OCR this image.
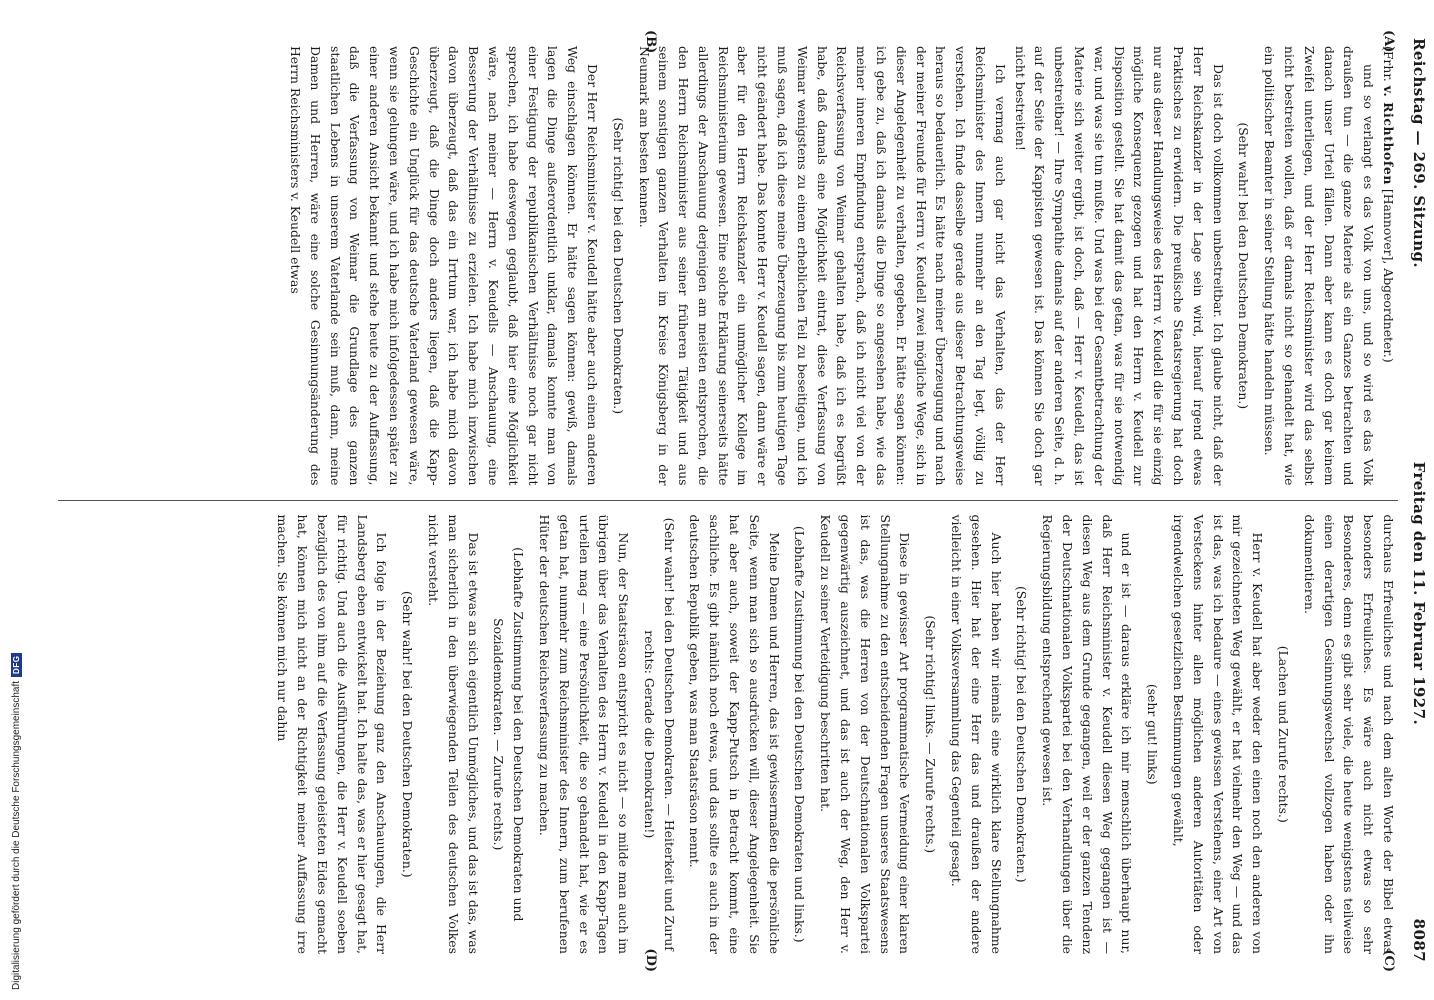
Digitalisierung gefördert durch die Deutsche Forschungsgemeinschaft
DFG
Reichstag — 269. Sitzung.
Freitag den 11. Februar 1927.
8087
(A)
(B)
(C)
(D)

(Frhr. v. Richthofen [Hannover], Abgeordneter.)

und so verlangt es das Volk von uns, und so wird es das Volk draußen tun — die ganze Materie als ein Ganzes betrachten und danach unser Urteil fällen. Dann aber kann es doch gar keinem Zweifel unterliegen, und der Herr Reichsminister wird das selbst nicht bestreiten wollen, daß er damals nicht so gehandelt hat, wie ein politischer Beamter in seiner Stellung hätte handeln müssen.

(Sehr wahr! bei den Deutschen Demokraten.)

Das ist doch vollkommen unbestreitbar. Ich glaube nicht, daß der Herr Reichskanzler in der Lage sein wird, hierauf irgend etwas Praktisches zu erwidern. Die preußische Staatsregierung hat doch nur aus dieser Handlungsweise des Herrn v. Keudell die für sie einzig mögliche Konsequenz gezogen und hat den Herrn v. Keudell zur Disposition gestellt. Sie hat damit das getan, was für sie notwendig war, und was sie tun mußte. Und was bei der Gesamtbetrachtung der Materie sich weiter ergibt, ist doch, daß — Herr v. Keudell, das ist unbestreitbar! — Ihre Sympathie damals auf der anderen Seite, d. h. auf der Seite der Kappisten gewesen ist. Das können Sie doch gar nicht bestreiten!

Ich vermag auch gar nicht das Verhalten, das der Herr Reichsminister des Innern nunmehr an den Tag legt, völlig zu verstehen. Ich finde dasselbe gerade aus dieser Betrachtungsweise heraus so bedauerlich. Es hätte nach meiner Überzeugung und nach der meiner Freunde für Herrn v. Keudell zwei mögliche Wege, sich in dieser Angelegenheit zu verhalten, gegeben. Er hätte sagen können: ich gebe zu, daß ich damals die Dinge so angesehen habe, wie das meiner inneren Empfindung entsprach, daß ich nicht viel von der Reichsverfassung von Weimar gehalten habe, daß ich es begrüßt habe, daß damals eine Möglichkeit eintrat, diese Verfassung von Weimar wenigstens zu einem erheblichen Teil zu beseitigen, und ich muß sagen, daß ich diese meine Überzeugung bis zum heutigen Tage nicht geändert habe. Das konnte Herr v. Keudell sagen, dann wäre er aber für den Herrn Reichskanzler ein unmöglicher Kollege im Reichsministerium gewesen. Eine solche Erklärung seinerseits hätte allerdings der Anschauung derjenigen am meisten entsprochen, die den Herrn Reichsminister aus seiner früheren Tätigkeit und aus seinem sonstigen ganzen Verhalten im Kreise Königsberg in der Neumark am besten kennen.

(Sehr richtig! bei den Deutschen Demokraten.)

Der Herr Reichsminister v. Keudell hätte aber auch einen anderen Weg einschlagen können. Er hätte sagen können: gewiß, damals lagen die Dinge außerordentlich unklar, damals konnte man von einer Festigung der republikanischen Verhältnisse noch gar nicht sprechen, ich habe deswegen geglaubt, daß hier eine Möglichkeit wäre, nach meiner — Herrn v. Keudells — Anschauung, eine Besserung der Verhältnisse zu erzielen. Ich habe mich inzwischen davon überzeugt, daß das ein Irrtum war, ich habe mich davon überzeugt, daß die Dinge doch anders liegen, daß die Kapp-Geschichte ein Unglück für das deutsche Vaterland gewesen wäre, wenn sie gelungen wäre, und ich habe mich infolgedessen später zu einer anderen Ansicht bekannt und stehe heute zu der Auffassung, daß die Verfassung von Weimar die Grundlage des ganzen staatlichen Lebens in unserem Vaterlande sein muß, dann, meine Damen und Herren, wäre eine solche Gesinnungsänderung des Herrn Reichsministers v. Keudell etwas

durchaus Erfreuliches und nach dem alten Worte der Bibel etwas besonders Erfreuliches. Es wäre auch nicht etwas so sehr Besonderes, denn es gibt sehr viele, die heute wenigstens teilweise einen derartigen Gesinnungswechsel vollzogen haben oder ihn dokumentieren.

(Lachen und Zurufe rechts.)

Herr v. Keudell hat aber weder den einen noch den anderen von mir gezeichneten Weg gewählt, er hat vielmehr den Weg — und das ist das, was ich bedaure — eines gewissen Verstehens, einer Art von Versteckens hinter allen möglichen anderen Autoritäten oder irgendwelchen gesetzlichen Bestimmungen gewählt,

(sehr gut! links)

und er ist — daraus erkläre ich mir menschlich überhaupt nur, daß Herr Reichsminister v. Keudell diesen Weg gegangen ist — diesen Weg aus dem Grunde gegangen, weil er der ganzen Tendenz der Deutschnationalen Volkspartei bei den Verhandlungen über die Regierungsbildung entsprechend gewesen ist.

(Sehr richtig! bei den Deutschen Demokraten.)

Auch hier haben wir niemals eine wirklich klare Stellungnahme gesehen. Hier hat der eine Herr das und draußen der andere vielleicht in einer Volksversammlung das Gegenteil gesagt.

(Sehr richtig! links. — Zurufe rechts.)

Diese in gewisser Art programmatische Vermeidung einer klaren Stellungnahme zu den entscheidenden Fragen unseres Staatswesens ist das, was die Herren von der Deutschnationalen Volkspartei gegenwärtig auszeichnet, und das ist auch der Weg, den Herr v. Keudell zu seiner Verteidigung beschritten hat.

(Lebhafte Zustimmung bei den Deutschen Demokraten und links.)

Meine Damen und Herren, das ist gewissermaßen die persönliche Seite, wenn man sich so ausdrücken will, dieser Angelegenheit. Sie hat aber auch, soweit der Kapp-Putsch in Betracht kommt, eine sachliche. Es gibt nämlich noch etwas, und das sollte es auch in der deutschen Republik geben, was man Staatsräson nennt.

(Sehr wahr! bei den Deutschen Demokraten. — Heiterkeit und Zuruf rechts: Gerade die Demokraten!)

Nun, der Staatsräson entspricht es nicht — so milde man auch im übrigen über das Verhalten des Herrn v. Keudell in den Kapp-Tagen urteilen mag — eine Persönlichkeit, die so gehandelt hat, wie er es getan hat, nunmehr zum Reichsminister des Innern, zum berufenen Hüter der deutschen Reichsverfassung zu machen.

(Lebhafte Zustimmung bei den Deutschen Demokraten und Sozialdemokraten. — Zurufe rechts.)

Das ist etwas an sich eigentlich Unmögliches, und das ist das, was man sicherlich in den überwiegenden Teilen des deutschen Volkes nicht versteht.

(Sehr wahr! bei den Deutschen Demokraten.)

Ich folge in der Beziehung ganz den Anschauungen, die Herr Landsberg eben entwickelt hat. Ich halte das, was er hier gesagt hat, für richtig. Und auch die Ausführungen, die Herr v. Keudell soeben bezüglich des von ihm auf die Verfassung geleisteten Eides gemacht hat, können mich nicht an der Richtigkeit meiner Auffassung irre machen. Sie können mich nur dahin
